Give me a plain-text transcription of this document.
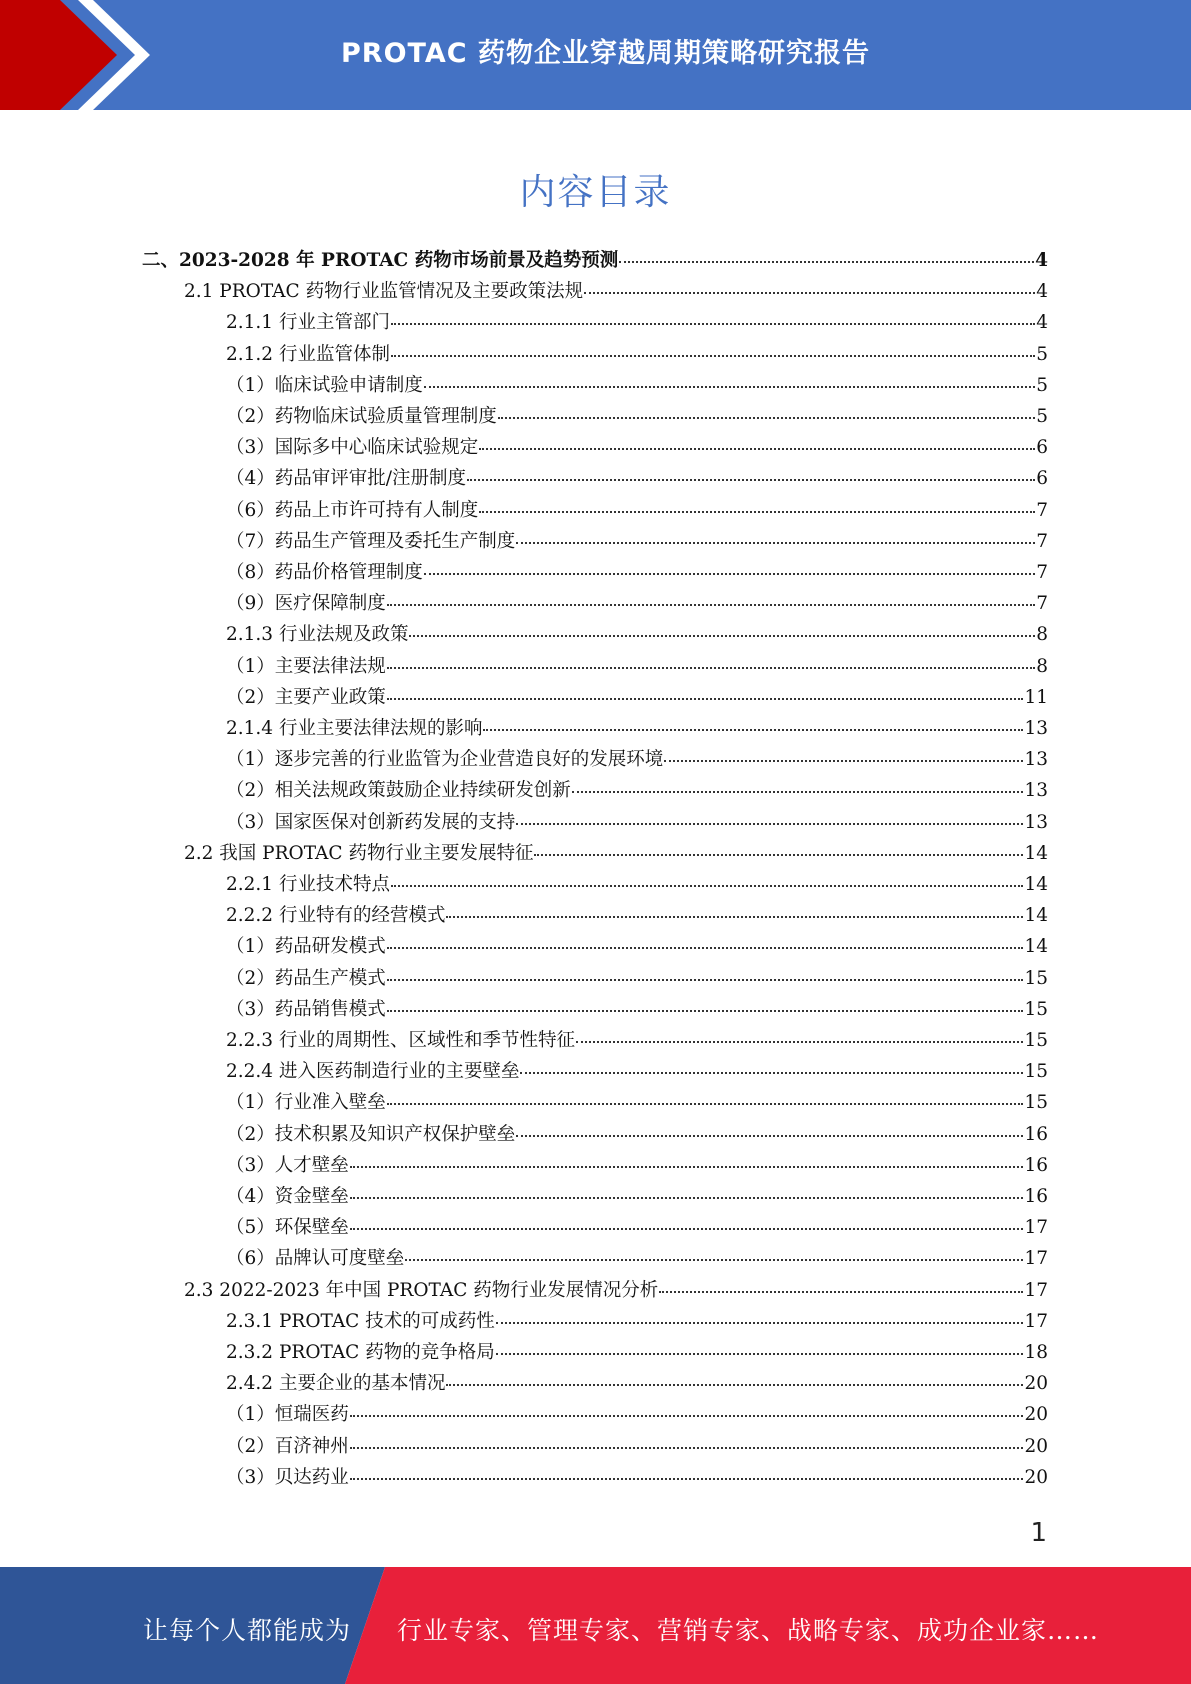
PROTAC 药物企业穿越周期策略研究报告
内容目录
二、2023-2028 年 PROTAC 药物市场前景及趋势预测	4
2.1 PROTAC 药物行业监管情况及主要政策法规	4
2.1.1 行业主管部门	4
2.1.2 行业监管体制	5
（1）临床试验申请制度	5
（2）药物临床试验质量管理制度	5
（3）国际多中心临床试验规定	6
（4）药品审评审批/注册制度	6
（6）药品上市许可持有人制度	7
（7）药品生产管理及委托生产制度	7
（8）药品价格管理制度	7
（9）医疗保障制度	7
2.1.3 行业法规及政策	8
（1）主要法律法规	8
（2）主要产业政策	11
2.1.4 行业主要法律法规的影响	13
（1）逐步完善的行业监管为企业营造良好的发展环境	13
（2）相关法规政策鼓励企业持续研发创新	13
（3）国家医保对创新药发展的支持	13
2.2 我国 PROTAC 药物行业主要发展特征	14
2.2.1 行业技术特点	14
2.2.2 行业特有的经营模式	14
（1）药品研发模式	14
（2）药品生产模式	15
（3）药品销售模式	15
2.2.3 行业的周期性、区域性和季节性特征	15
2.2.4 进入医药制造行业的主要壁垒	15
（1）行业准入壁垒	15
（2）技术积累及知识产权保护壁垒	16
（3）人才壁垒	16
（4）资金壁垒	16
（5）环保壁垒	17
（6）品牌认可度壁垒	17
2.3 2022-2023 年中国 PROTAC 药物行业发展情况分析	17
2.3.1 PROTAC 技术的可成药性	17
2.3.2 PROTAC 药物的竞争格局	18
2.4.2 主要企业的基本情况	20
（1）恒瑞医药	20
（2）百济神州	20
（3）贝达药业	20
1
让每个人都能成为 行业专家、管理专家、营销专家、战略专家、成功企业家……
